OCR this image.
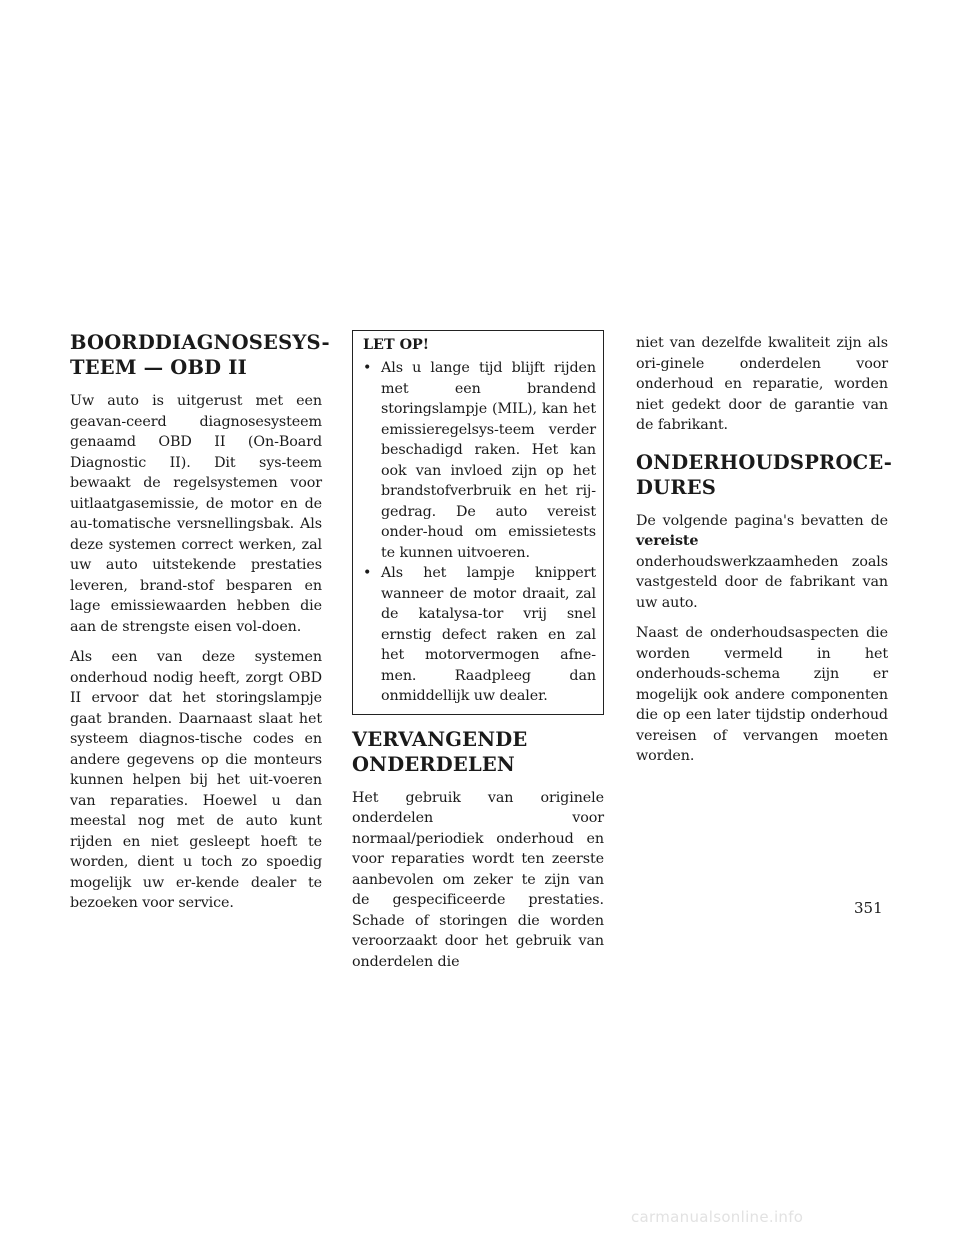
BOORDDIAGNOSESYS-
TEEM — OBD II

Uw auto is uitgerust met een geavan-ceerd diagnosesysteem genaamd OBD II (On-Board Diagnostic II). Dit sys-teem bewaakt de regelsystemen voor uitlaatgasemissie, de motor en de au-tomatische versnellingsbak. Als deze systemen correct werken, zal uw auto uitstekende prestaties leveren, brand-stof besparen en lage emissiewaarden hebben die aan de strengste eisen vol-doen.

Als een van deze systemen onderhoud nodig heeft, zorgt OBD II ervoor dat het storingslampje gaat branden. Daarnaast slaat het systeem diagnos-tische codes en andere gegevens op die monteurs kunnen helpen bij het uit-voeren van reparaties. Hoewel u dan meestal nog met de auto kunt rijden en niet gesleept hoeft te worden, dient u toch zo spoedig mogelijk uw er-kende dealer te bezoeken voor service.

LET OP!
• Als u lange tijd blijft rijden met een brandend storingslampje (MIL), kan het emissieregelsys-teem verder beschadigd raken. Het kan ook van invloed zijn op het brandstofverbruik en het rij-gedrag. De auto vereist onder-houd om emissietests te kunnen uitvoeren.
• Als het lampje knippert wanneer de motor draait, zal de katalysa-tor vrij snel ernstig defect raken en zal het motorvermogen afne-men. Raadpleeg dan onmiddellijk uw dealer.
VERVANGENDE
ONDERDELEN

Het gebruik van originele onderdelen voor normaal/periodiek onderhoud en voor reparaties wordt ten zeerste aanbevolen om zeker te zijn van de gespecificeerde prestaties. Schade of storingen die worden veroorzaakt door het gebruik van onderdelen die

niet van dezelfde kwaliteit zijn als ori-ginele onderdelen voor onderhoud en reparatie, worden niet gedekt door de garantie van de fabrikant.

ONDERHOUDSPROCE-
DURES

De volgende pagina's bevatten de vereiste onderhoudswerkzaamheden zoals vastgesteld door de fabrikant van uw auto.

Naast de onderhoudsaspecten die worden vermeld in het onderhouds-schema zijn er mogelijk ook andere componenten die op een later tijdstip onderhoud vereisen of vervangen moeten worden.

351
carmanualsonline.info
